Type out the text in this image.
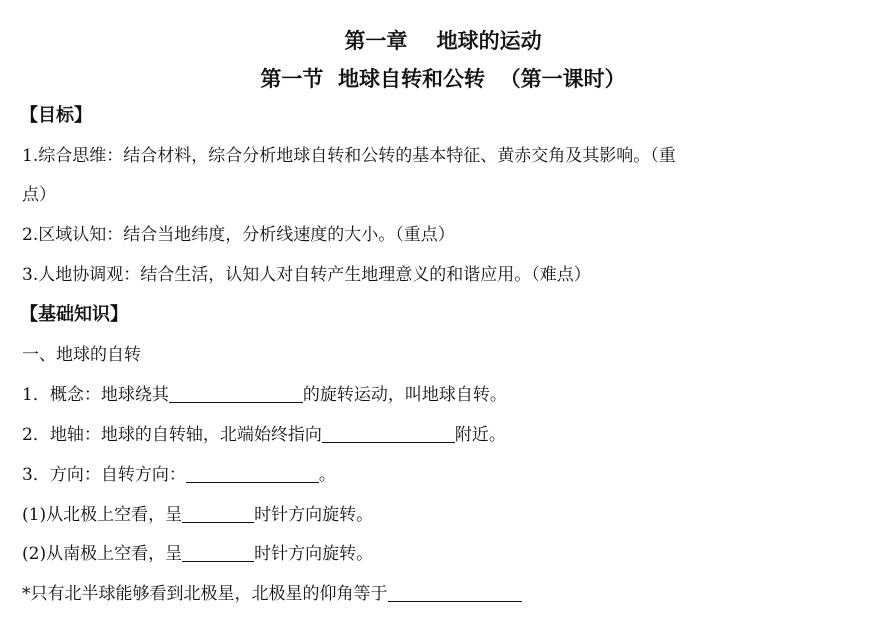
第一章    地球的运动
第一节  地球自转和公转  （第一课时）
【目标】

1.综合思维：结合材料，综合分析地球自转和公转的基本特征、黄赤交角及其影响。（重

点）

2.区域认知：结合当地纬度，分析线速度的大小。（重点）

3.人地协调观：结合生活，认知人对自转产生地理意义的和谐应用。（难点）

【基础知识】

一、地球的自转

1．概念：地球绕其	的旋转运动，叫地球自转。

2．地轴：地球的自转轴，北端始终指向	附近。

3．方向：自转方向：	。

(1)从北极上空看，呈	时针方向旋转。

(2)从南极上空看，呈	时针方向旋转。

*只有北半球能够看到北极星，北极星的仰角等于
